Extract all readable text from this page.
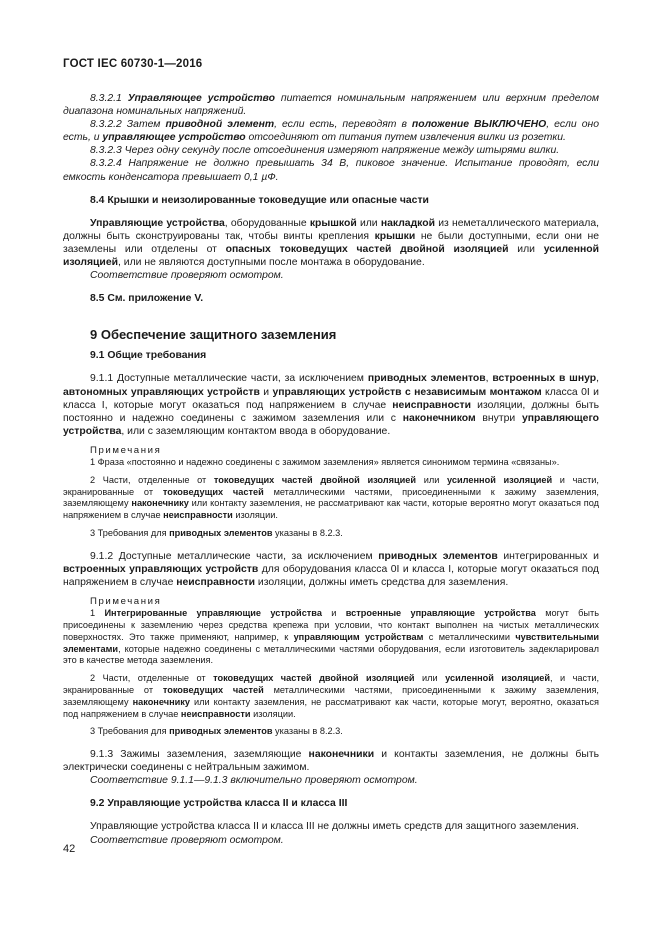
ГОСТ IEC 60730-1—2016

8.3.2.1 Управляющее устройство питается номинальным напряжением или верхним пределом диапазона номинальных напряжений.

8.3.2.2 Затем приводной элемент, если есть, переводят в положение ВЫКЛЮЧЕНО, если оно есть, и управляющее устройство отсоединяют от питания путем извлечения вилки из розетки.

8.3.2.3 Через одну секунду после отсоединения измеряют напряжение между штырями вилки.

8.3.2.4 Напряжение не должно превышать 34 В, пиковое значение. Испытание проводят, если емкость конденсатора превышает 0,1 µФ.

8.4 Крышки и неизолированные токоведущие или опасные части

Управляющие устройства, оборудованные крышкой или накладкой из неметаллического материала, должны быть сконструированы так, чтобы винты крепления крышки не были доступными, если они не заземлены или отделены от опасных токоведущих частей двойной изоляцией или усиленной изоляцией, или не являются доступными после монтажа в оборудование.

Соответствие проверяют осмотром.

8.5 См. приложение V.

9 Обеспечение защитного заземления

9.1 Общие требования

9.1.1 Доступные металлические части, за исключением приводных элементов, встроенных в шнур, автономных управляющих устройств и управляющих устройств с независимым монтажом класса 0I и класса I, которые могут оказаться под напряжением в случае неисправности изоляции, должны быть постоянно и надежно соединены с зажимом заземления или с наконечником внутри управляющего устройства, или с заземляющим контактом ввода в оборудование.

Примечания

1 Фраза «постоянно и надежно соединены с зажимом заземления» является синонимом термина «связаны».

2 Части, отделенные от токоведущих частей двойной изоляцией или усиленной изоляцией и части, экранированные от токоведущих частей металлическими частями, присоединенными к зажиму заземления, заземляющему наконечнику или контакту заземления, не рассматривают как части, которые вероятно могут оказаться под напряжением в случае неисправности изоляции.

3 Требования для приводных элементов указаны в 8.2.3.

9.1.2 Доступные металлические части, за исключением приводных элементов интегрированных и встроенных управляющих устройств для оборудования класса 0I и класса I, которые могут оказаться под напряжением в случае неисправности изоляции, должны иметь средства для заземления.

Примечания

1 Интегрированные управляющие устройства и встроенные управляющие устройства могут быть присоединены к заземлению через средства крепежа при условии, что контакт выполнен на чистых металлических поверхностях. Это также применяют, например, к управляющим устройствам с металлическими чувствительными элементами, которые надежно соединены с металлическими частями оборудования, если изготовитель задекларировал это в качестве метода заземления.

2 Части, отделенные от токоведущих частей двойной изоляцией или усиленной изоляцией, и части, экранированные от токоведущих частей металлическими частями, присоединенными к зажиму заземления, заземляющему наконечнику или контакту заземления, не рассматривают как части, которые могут, вероятно, оказаться под напряжением в случае неисправности изоляции.

3 Требования для приводных элементов указаны в 8.2.3.

9.1.3 Зажимы заземления, заземляющие наконечники и контакты заземления, не должны быть электрически соединены с нейтральным зажимом.

Соответствие 9.1.1—9.1.3 включительно проверяют осмотром.

9.2 Управляющие устройства класса II и класса III

Управляющие устройства класса II и класса III не должны иметь средств для защитного заземления.

Соответствие проверяют осмотром.

42
